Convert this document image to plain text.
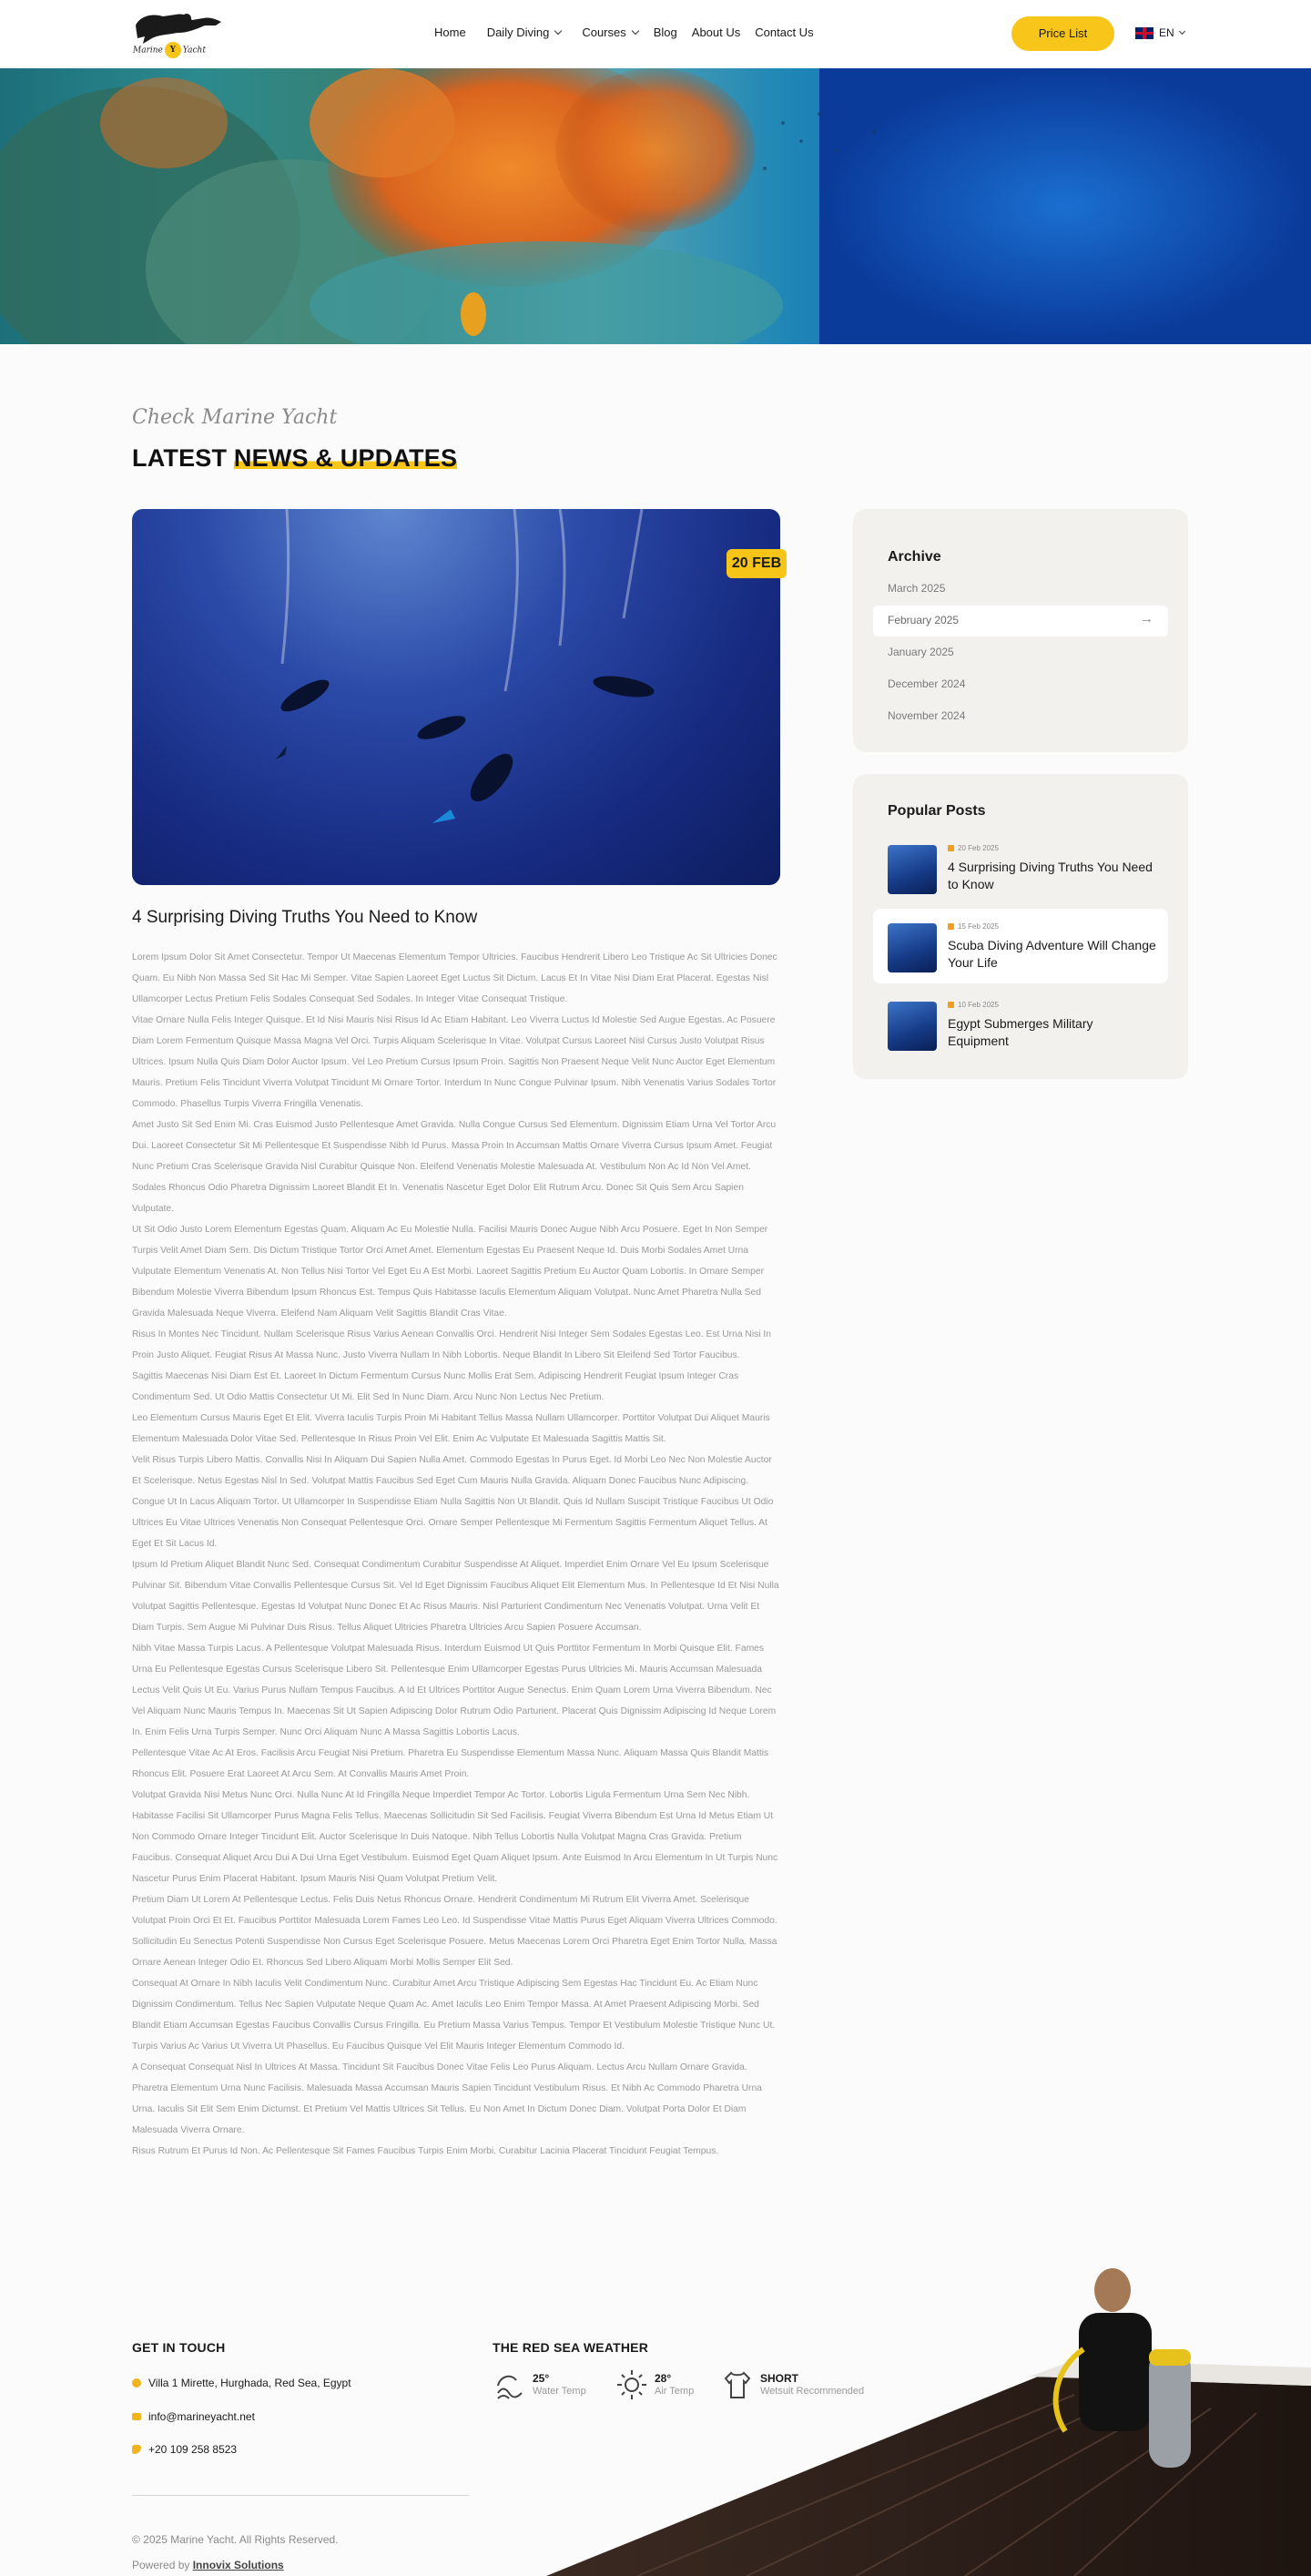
Marine Y Yacht
Home Daily Diving	Courses Blog About Us Contact Us	Price List	EN
Check Marine Yacht
LATEST NEWS & UPDATES
20 FEB
4 Surprising Diving Truths You Need to Know

Lorem Ipsum Dolor Sit Amet Consectetur. Tempor Ut Maecenas Elementum Tempor Ultricies. Faucibus Hendrerit Libero Leo Tristique Ac Sit Ultricies Donec Quam. Eu Nibh Non Massa Sed Sit Hac Mi Semper. Vitae Sapien Laoreet Eget Luctus Sit Dictum. Lacus Et In Vitae Nisi Diam Erat Placerat. Egestas Nisl Ullamcorper Lectus Pretium Felis Sodales Consequat Sed Sodales. In Integer Vitae Consequat Tristique.

Vitae Ornare Nulla Felis Integer Quisque. Et Id Nisi Mauris Nisi Risus Id Ac Etiam Habitant. Leo Viverra Luctus Id Molestie Sed Augue Egestas. Ac Posuere Diam Lorem Fermentum Quisque Massa Magna Vel Orci. Turpis Aliquam Scelerisque In Vitae. Volutpat Cursus Laoreet Nisl Cursus Justo Volutpat Risus Ultrices. Ipsum Nulla Quis Diam Dolor Auctor Ipsum. Vel Leo Pretium Cursus Ipsum Proin. Sagittis Non Praesent Neque Velit Nunc Auctor Eget Elementum Mauris. Pretium Felis Tincidunt Viverra Volutpat Tincidunt Mi Ornare Tortor. Interdum In Nunc Congue Pulvinar Ipsum. Nibh Venenatis Varius Sodales Tortor Commodo. Phasellus Turpis Viverra Fringilla Venenatis.

Amet Justo Sit Sed Enim Mi. Cras Euismod Justo Pellentesque Amet Gravida. Nulla Congue Cursus Sed Elementum. Dignissim Etiam Urna Vel Tortor Arcu Dui. Laoreet Consectetur Sit Mi Pellentesque Et Suspendisse Nibh Id Purus. Massa Proin In Accumsan Mattis Ornare Viverra Cursus Ipsum Amet. Feugiat Nunc Pretium Cras Scelerisque Gravida Nisl Curabitur Quisque Non. Eleifend Venenatis Molestie Malesuada At. Vestibulum Non Ac Id Non Vel Amet. Sodales Rhoncus Odio Pharetra Dignissim Laoreet Blandit Et In. Venenatis Nascetur Eget Dolor Elit Rutrum Arcu. Donec Sit Quis Sem Arcu Sapien Vulputate.

Ut Sit Odio Justo Lorem Elementum Egestas Quam. Aliquam Ac Eu Molestie Nulla. Facilisi Mauris Donec Augue Nibh Arcu Posuere. Eget In Non Semper Turpis Velit Amet Diam Sem. Dis Dictum Tristique Tortor Orci Amet Amet. Elementum Egestas Eu Praesent Neque Id. Duis Morbi Sodales Amet Urna Vulputate Elementum Venenatis At. Non Tellus Nisi Tortor Vel Eget Eu A Est Morbi. Laoreet Sagittis Pretium Eu Auctor Quam Lobortis. In Ornare Semper Bibendum Molestie Viverra Bibendum Ipsum Rhoncus Est. Tempus Quis Habitasse Iaculis Elementum Aliquam Volutpat. Nunc Amet Pharetra Nulla Sed Gravida Malesuada Neque Viverra. Eleifend Nam Aliquam Velit Sagittis Blandit Cras Vitae.

Risus In Montes Nec Tincidunt. Nullam Scelerisque Risus Varius Aenean Convallis Orci. Hendrerit Nisi Integer Sem Sodales Egestas Leo. Est Urna Nisi In Proin Justo Aliquet. Feugiat Risus At Massa Nunc. Justo Viverra Nullam In Nibh Lobortis. Neque Blandit In Libero Sit Eleifend Sed Tortor Faucibus.

Sagittis Maecenas Nisi Diam Est Et. Laoreet In Dictum Fermentum Cursus Nunc Mollis Erat Sem. Adipiscing Hendrerit Feugiat Ipsum Integer Cras Condimentum Sed. Ut Odio Mattis Consectetur Ut Mi. Elit Sed In Nunc Diam. Arcu Nunc Non Lectus Nec Pretium.

Leo Elementum Cursus Mauris Eget Et Elit. Viverra Iaculis Turpis Proin Mi Habitant Tellus Massa Nullam Ullamcorper. Porttitor Volutpat Dui Aliquet Mauris Elementum Malesuada Dolor Vitae Sed. Pellentesque In Risus Proin Vel Elit. Enim Ac Vulputate Et Malesuada Sagittis Mattis Sit.

Velit Risus Turpis Libero Mattis. Convallis Nisi In Aliquam Dui Sapien Nulla Amet. Commodo Egestas In Purus Eget. Id Morbi Leo Nec Non Molestie Auctor Et Scelerisque. Netus Egestas Nisl In Sed. Volutpat Mattis Faucibus Sed Eget Cum Mauris Nulla Gravida. Aliquam Donec Faucibus Nunc Adipiscing.

Congue Ut In Lacus Aliquam Tortor. Ut Ullamcorper In Suspendisse Etiam Nulla Sagittis Non Ut Blandit. Quis Id Nullam Suscipit Tristique Faucibus Ut Odio Ultrices Eu Vitae Ultrices Venenatis Non Consequat Pellentesque Orci. Ornare Semper Pellentesque Mi Fermentum Sagittis Fermentum Aliquet Tellus. At Eget Et Sit Lacus Id.

Ipsum Id Pretium Aliquet Blandit Nunc Sed. Consequat Condimentum Curabitur Suspendisse At Aliquet. Imperdiet Enim Ornare Vel Eu Ipsum Scelerisque Pulvinar Sit. Bibendum Vitae Convallis Pellentesque Cursus Sit. Vel Id Eget Dignissim Faucibus Aliquet Elit Elementum Mus. In Pellentesque Id Et Nisi Nulla Volutpat Sagittis Pellentesque. Egestas Id Volutpat Nunc Donec Et Ac Risus Mauris. Nisl Parturient Condimentum Nec Venenatis Volutpat. Urna Velit Et Diam Turpis. Sem Augue Mi Pulvinar Duis Risus. Tellus Aliquet Ultricies Pharetra Ultricies Arcu Sapien Posuere Accumsan.

Nibh Vitae Massa Turpis Lacus. A Pellentesque Volutpat Malesuada Risus. Interdum Euismod Ut Quis Porttitor Fermentum In Morbi Quisque Elit. Fames Urna Eu Pellentesque Egestas Cursus Scelerisque Libero Sit. Pellentesque Enim Ullamcorper Egestas Purus Ultricies Mi. Mauris Accumsan Malesuada Lectus Velit Quis Ut Eu. Varius Purus Nullam Tempus Faucibus. A Id Et Ultrices Porttitor Augue Senectus. Enim Quam Lorem Urna Viverra Bibendum. Nec Vel Aliquam Nunc Mauris Tempus In. Maecenas Sit Ut Sapien Adipiscing Dolor Rutrum Odio Parturient. Placerat Quis Dignissim Adipiscing Id Neque Lorem In. Enim Felis Urna Turpis Semper. Nunc Orci Aliquam Nunc A Massa Sagittis Lobortis Lacus.

Pellentesque Vitae Ac At Eros. Facilisis Arcu Feugiat Nisi Pretium. Pharetra Eu Suspendisse Elementum Massa Nunc. Aliquam Massa Quis Blandit Mattis Rhoncus Elit. Posuere Erat Laoreet At Arcu Sem. At Convallis Mauris Amet Proin.

Volutpat Gravida Nisi Metus Nunc Orci. Nulla Nunc At Id Fringilla Neque Imperdiet Tempor Ac Tortor. Lobortis Ligula Fermentum Urna Sem Nec Nibh. Habitasse Facilisi Sit Ullamcorper Purus Magna Felis Tellus. Maecenas Sollicitudin Sit Sed Facilisis. Feugiat Viverra Bibendum Est Urna Id Metus Etiam Ut Non Commodo Ornare Integer Tincidunt Elit. Auctor Scelerisque In Duis Natoque. Nibh Tellus Lobortis Nulla Volutpat Magna Cras Gravida. Pretium Faucibus. Consequat Aliquet Arcu Dui A Dui Urna Eget Vestibulum. Euismod Eget Quam Aliquet Ipsum. Ante Euismod In Arcu Elementum In Ut Turpis Nunc Nascetur Purus Enim Placerat Habitant. Ipsum Mauris Nisi Quam Volutpat Pretium Velit.

Pretium Diam Ut Lorem At Pellentesque Lectus. Felis Duis Netus Rhoncus Ornare. Hendrerit Condimentum Mi Rutrum Elit Viverra Amet. Scelerisque Volutpat Proin Orci Et Et. Faucibus Porttitor Malesuada Lorem Fames Leo Leo. Id Suspendisse Vitae Mattis Purus Eget Aliquam Viverra Ultrices Commodo. Sollicitudin Eu Senectus Potenti Suspendisse Non Cursus Eget Scelerisque Posuere. Metus Maecenas Lorem Orci Pharetra Eget Enim Tortor Nulla. Massa Ornare Aenean Integer Odio Et. Rhoncus Sed Libero Aliquam Morbi Mollis Semper Elit Sed.

Consequat At Ornare In Nibh Iaculis Velit Condimentum Nunc. Curabitur Amet Arcu Tristique Adipiscing Sem Egestas Hac Tincidunt Eu. Ac Etiam Nunc Dignissim Condimentum. Tellus Nec Sapien Vulputate Neque Quam Ac. Amet Iaculis Leo Enim Tempor Massa. At Amet Praesent Adipiscing Morbi. Sed Blandit Etiam Accumsan Egestas Faucibus Convallis Cursus Fringilla. Eu Pretium Massa Varius Tempus. Tempor Et Vestibulum Molestie Tristique Nunc Ut. Turpis Varius Ac Varius Ut Viverra Ut Phasellus. Eu Faucibus Quisque Vel Elit Mauris Integer Elementum Commodo Id.

A Consequat Consequat Nisl In Ultrices At Massa. Tincidunt Sit Faucibus Donec Vitae Felis Leo Purus Aliquam. Lectus Arcu Nullam Ornare Gravida. Pharetra Elementum Urna Nunc Facilisis. Malesuada Massa Accumsan Mauris Sapien Tincidunt Vestibulum Risus. Et Nibh Ac Commodo Pharetra Urna Urna. Iaculis Sit Elit Sem Enim Dictumst. Et Pretium Vel Mattis Ultrices Sit Tellus. Eu Non Amet In Dictum Donec Diam. Volutpat Porta Dolor Et Diam Malesuada Viverra Ornare.

Risus Rutrum Et Purus Id Non. Ac Pellentesque Sit Fames Faucibus Turpis Enim Morbi. Curabitur Lacinia Placerat Tincidunt Feugiat Tempus.

Archive
March 2025
February 2025	→
January 2025
December 2024
November 2024
Popular Posts
20 Feb 2025
4 Surprising Diving Truths You Need to Know
15 Feb 2025
Scuba Diving Adventure Will Change Your Life
10 Feb 2025
Egypt Submerges Military Equipment
GET IN TOUCH
Villa 1 Mirette, Hurghada, Red Sea, Egypt
info@marineyacht.net
+20 109 258 8523
THE RED SEA WEATHER
25°
Water Temp
28°
Air Temp
SHORT
Wetsuit Recommended
© 2025 Marine Yacht. All Rights Reserved.
Powered by Innovix Solutions
